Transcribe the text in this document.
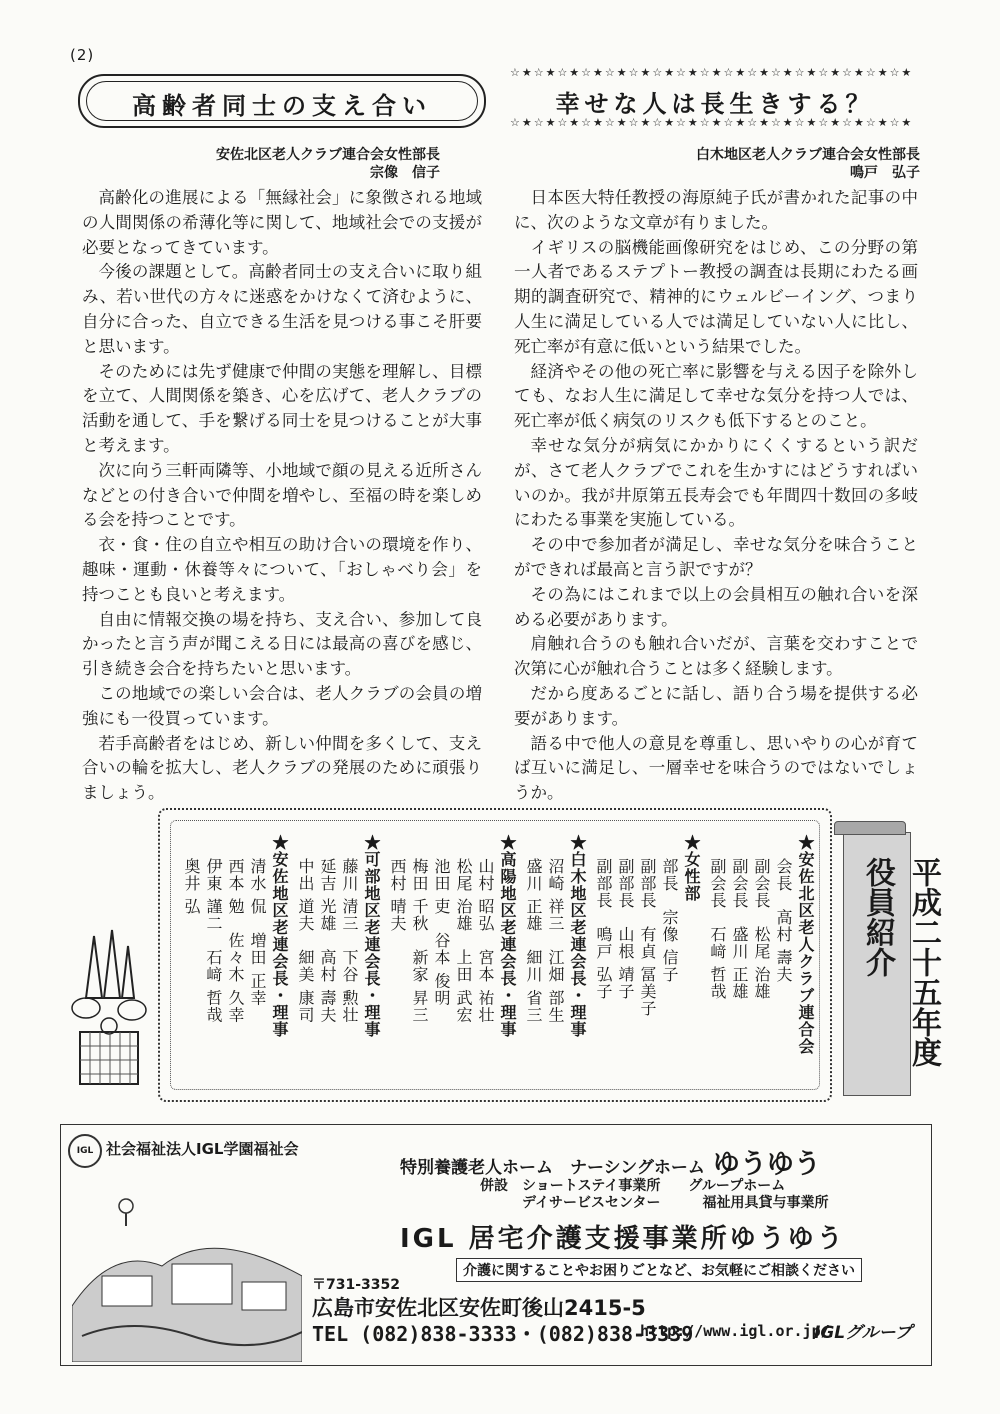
(2)
高齢者同士の支え合い
安佐北区老人クラブ連合会女性部長
宗像　信子

高齢化の進展による「無縁社会」に象徴される地域の人間関係の希薄化等に関して、地域社会での支援が必要となってきています。

今後の課題として。高齢者同士の支え合いに取り組み、若い世代の方々に迷惑をかけなくて済むように、自分に合った、自立できる生活を見つける事こそ肝要と思います。

そのためには先ず健康で仲間の実態を理解し、目標を立て、人間関係を築き、心を広げて、老人クラブの活動を通して、手を繋げる同士を見つけることが大事と考えます。

次に向う三軒両隣等、小地域で顔の見える近所さんなどとの付き合いで仲間を増やし、至福の時を楽しめる会を持つことです。

衣・食・住の自立や相互の助け合いの環境を作り、趣味・運動・休養等々について、「おしゃべり会」を持つことも良いと考えます。

自由に情報交換の場を持ち、支え合い、参加して良かったと言う声が聞こえる日には最高の喜びを感じ、引き続き会合を持ちたいと思います。

この地域での楽しい会合は、老人クラブの会員の増強にも一役買っています。

若手高齢者をはじめ、新しい仲間を多くして、支え合いの輪を拡大し、老人クラブの発展のために頑張りましょう。

☆★☆★☆★☆★☆★☆★☆★☆★☆★☆★☆★☆★☆★☆★☆★☆★☆★
幸せな人は長生きする？
☆★☆★☆★☆★☆★☆★☆★☆★☆★☆★☆★☆★☆★☆★☆★☆★☆★
白木地区老人クラブ連合会女性部長
鳴戸　弘子

日本医大特任教授の海原純子氏が書かれた記事の中に、次のような文章が有りました。

イギリスの脳機能画像研究をはじめ、この分野の第一人者であるステプトー教授の調査は長期にわたる画期的調査研究で、精神的にウェルビーイング、つまり人生に満足している人では満足していない人に比し、死亡率が有意に低いという結果でした。

経済やその他の死亡率に影響を与える因子を除外しても、なお人生に満足して幸せな気分を持つ人では、死亡率が低く病気のリスクも低下するとのこと。

幸せな気分が病気にかかりにくくするという訳だが、さて老人クラブでこれを生かすにはどうすればいいのか。我が井原第五長寿会でも年間四十数回の多岐にわたる事業を実施している。

その中で参加者が満足し、幸せな気分を味合うことができれば最高と言う訳ですが？

その為にはこれまで以上の会員相互の触れ合いを深める必要があります。

肩触れ合うのも触れ合いだが、言葉を交わすことで次第に心が触れ合うことは多く経験します。

だから度あるごとに話し、語り合う場を提供する必要があります。

語る中で他人の意見を尊重し、思いやりの心が育てば互いに満足し、一層幸せを味合うのではないでしょうか。

★安佐北区老人クラブ連合会
会長　高村 壽夫
副会長　松尾 治雄
副会長　盛川 正雄
副会長　石﨑 哲哉
★女性部
部長　宗像 信子
副部長　有貞 冨美子
副部長　山根 靖子
副部長　鳴戸 弘子
★白木地区老連会長・理事
沼崎 祥三　江畑 部生
盛川 正雄　細川 省三
★高陽地区老連会長・理事
山村 昭弘　宮本 祐壮
松尾 治雄　上田 武宏
池田 吏　谷本 俊明
梅田 千秋　新家 昇三
西村 晴夫
★可部地区老連会長・理事
藤川 清三　下谷 勲壮
延吉 光雄　高村 壽夫
中出 道夫　細美 康司
★安佐地区老連会長・理事
清水 侃　増田 正幸
西本 勉　佐々木 久幸
伊東 謹二　石﨑 哲哉
奥井 弘	平成二十五年度役員紹介
IGL 社会福祉法人IGL学園福祉会
特別養護老人ホーム　ナーシングホーム ゆうゆう
併設　ショートステイ事業所　　グループホーム
　　　デイサービスセンター　　　福祉用具貸与事業所
IGL 居宅介護支援事業所ゆうゆう
介護に関することやお困りごとなど、お気軽にご相談ください
〒731-3352
広島市安佐北区安佐町後山2415-5
TEL (082)838-3333・(082)838-3339
http://www.igl.or.jp/
IGLグループ
